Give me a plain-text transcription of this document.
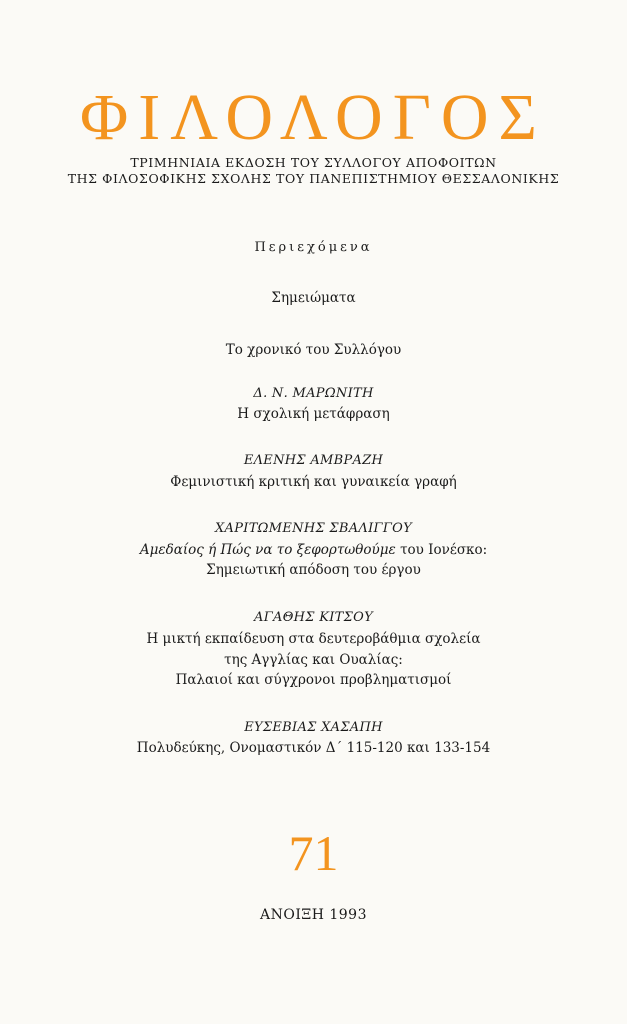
ΦΙΛΟΛΟΓΟΣ
ΤΡΙΜΗΝΙΑΙΑ ΕΚΔΟΣΗ ΤΟΥ ΣΥΛΛΟΓΟΥ ΑΠΟΦΟΙΤΩΝ
ΤΗΣ ΦΙΛΟΣΟΦΙΚΗΣ ΣΧΟΛΗΣ ΤΟΥ ΠΑΝΕΠΙΣΤΗΜΙΟΥ ΘΕΣΣΑΛΟΝΙΚΗΣ
Περιεχόμενα
Σημειώματα
Το χρονικό του Συλλόγου
Δ. Ν. ΜΑΡΩΝΙΤΗ
Η σχολική μετάφραση
ΕΛΕΝΗΣ ΑΜΒΡΑΖΗ
Φεμινιστική κριτική και γυναικεία γραφή
ΧΑΡΙΤΩΜΕΝΗΣ ΣΒΑΛΙΓΓΟΥ
Αμεδαίος ή Πώς να το ξεφορτωθούμε του Ιονέσκο:
Σημειωτική απόδοση του έργου
ΑΓΑΘΗΣ ΚΙΤΣΟΥ
Η μικτή εκπαίδευση στα δευτεροβάθμια σχολεία
της Αγγλίας και Ουαλίας:
Παλαιοί και σύγχρονοι προβληματισμοί
ΕΥΣΕΒΙΑΣ ΧΑΣΑΠΗ
Πολυδεύκης, Ονομαστικόν Δ΄ 115-120 και 133-154
71
ΑΝΟΙΞΗ 1993
